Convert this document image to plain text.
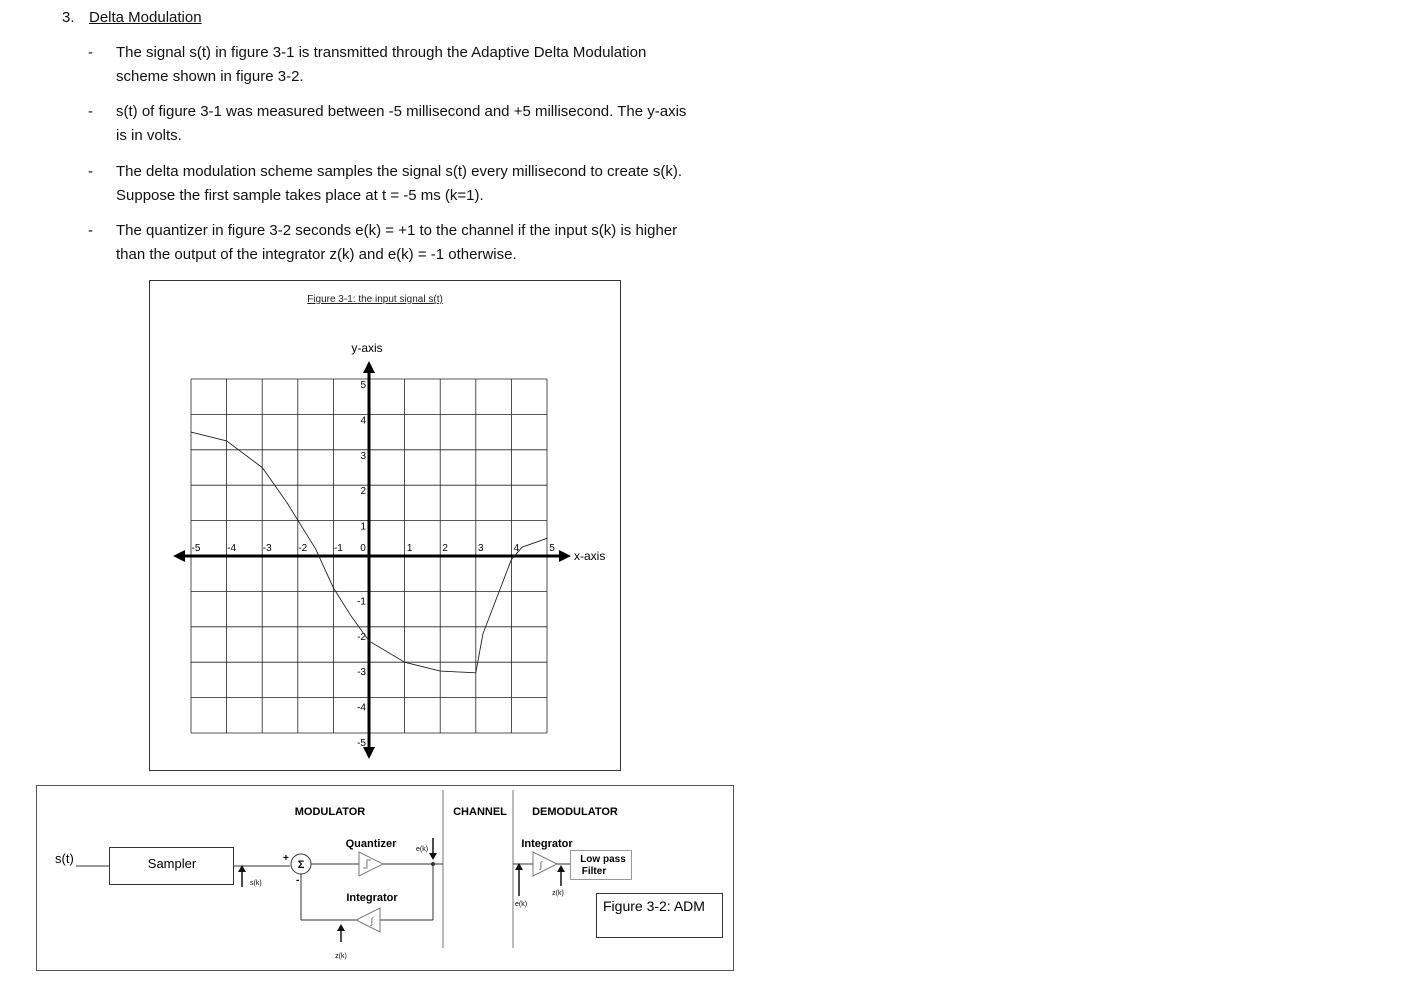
3. Delta Modulation
- The signal s(t) in figure 3-1 is transmitted through the Adaptive Delta Modulation
scheme shown in figure 3-2.
- s(t) of figure 3-1 was measured between -5 millisecond and +5 millisecond. The y-axis
is in volts.
- The delta modulation scheme samples the signal s(t) every millisecond to create s(k).
Suppose the first sample takes place at t = -5 ms (k=1).
- The quantizer in figure 3-2 seconds e(k) = +1 to the channel if the input s(k) is higher
than the output of the integrator z(k) and e(k) = -1 otherwise.
Figure 3-1: the input signal s(t)
y-axis
x-axis
-5	-4	-3	-2	-1 0	1	2	3	4	5
5
4
3
2
1
-1
-2
-3
-4
-5
MODULATOR	CHANNEL DEMODULATOR
s(t)	Sampler
s(k)
Σ
+
-
Quantizer	e(k)
Integrator
∫
z(k)
Integrator
e(k)
∫
z(k)
Low pass
Filter
Figure 3-2: ADM
